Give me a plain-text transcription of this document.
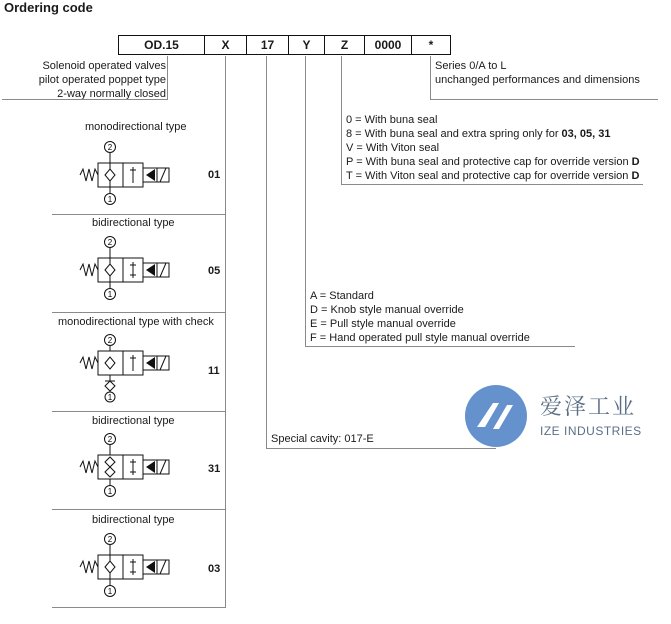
Ordering code
OD.15	X	17	Y	Z	0000	*
Solenoid operated valves
pilot operated poppet type
2-way normally closed
Series 0/A to L
unchanged performances and dimensions
0 = With buna seal
8 = With buna seal and extra spring only for 03, 05, 31
V = With Viton seal
P = With buna seal and protective cap for override version D
T = With Viton seal and protective cap for override version D
A = Standard
D = Knob style manual override
E = Pull style manual override
F = Hand operated pull style manual override
Special cavity: 017-E
monodirectional type
bidirectional type
monodirectional type with check
bidirectional type
bidirectional type
01
05
11
31
03
2
1
2
1
2
1
2
1
2
1
爱泽工业
IZE INDUSTRIES
